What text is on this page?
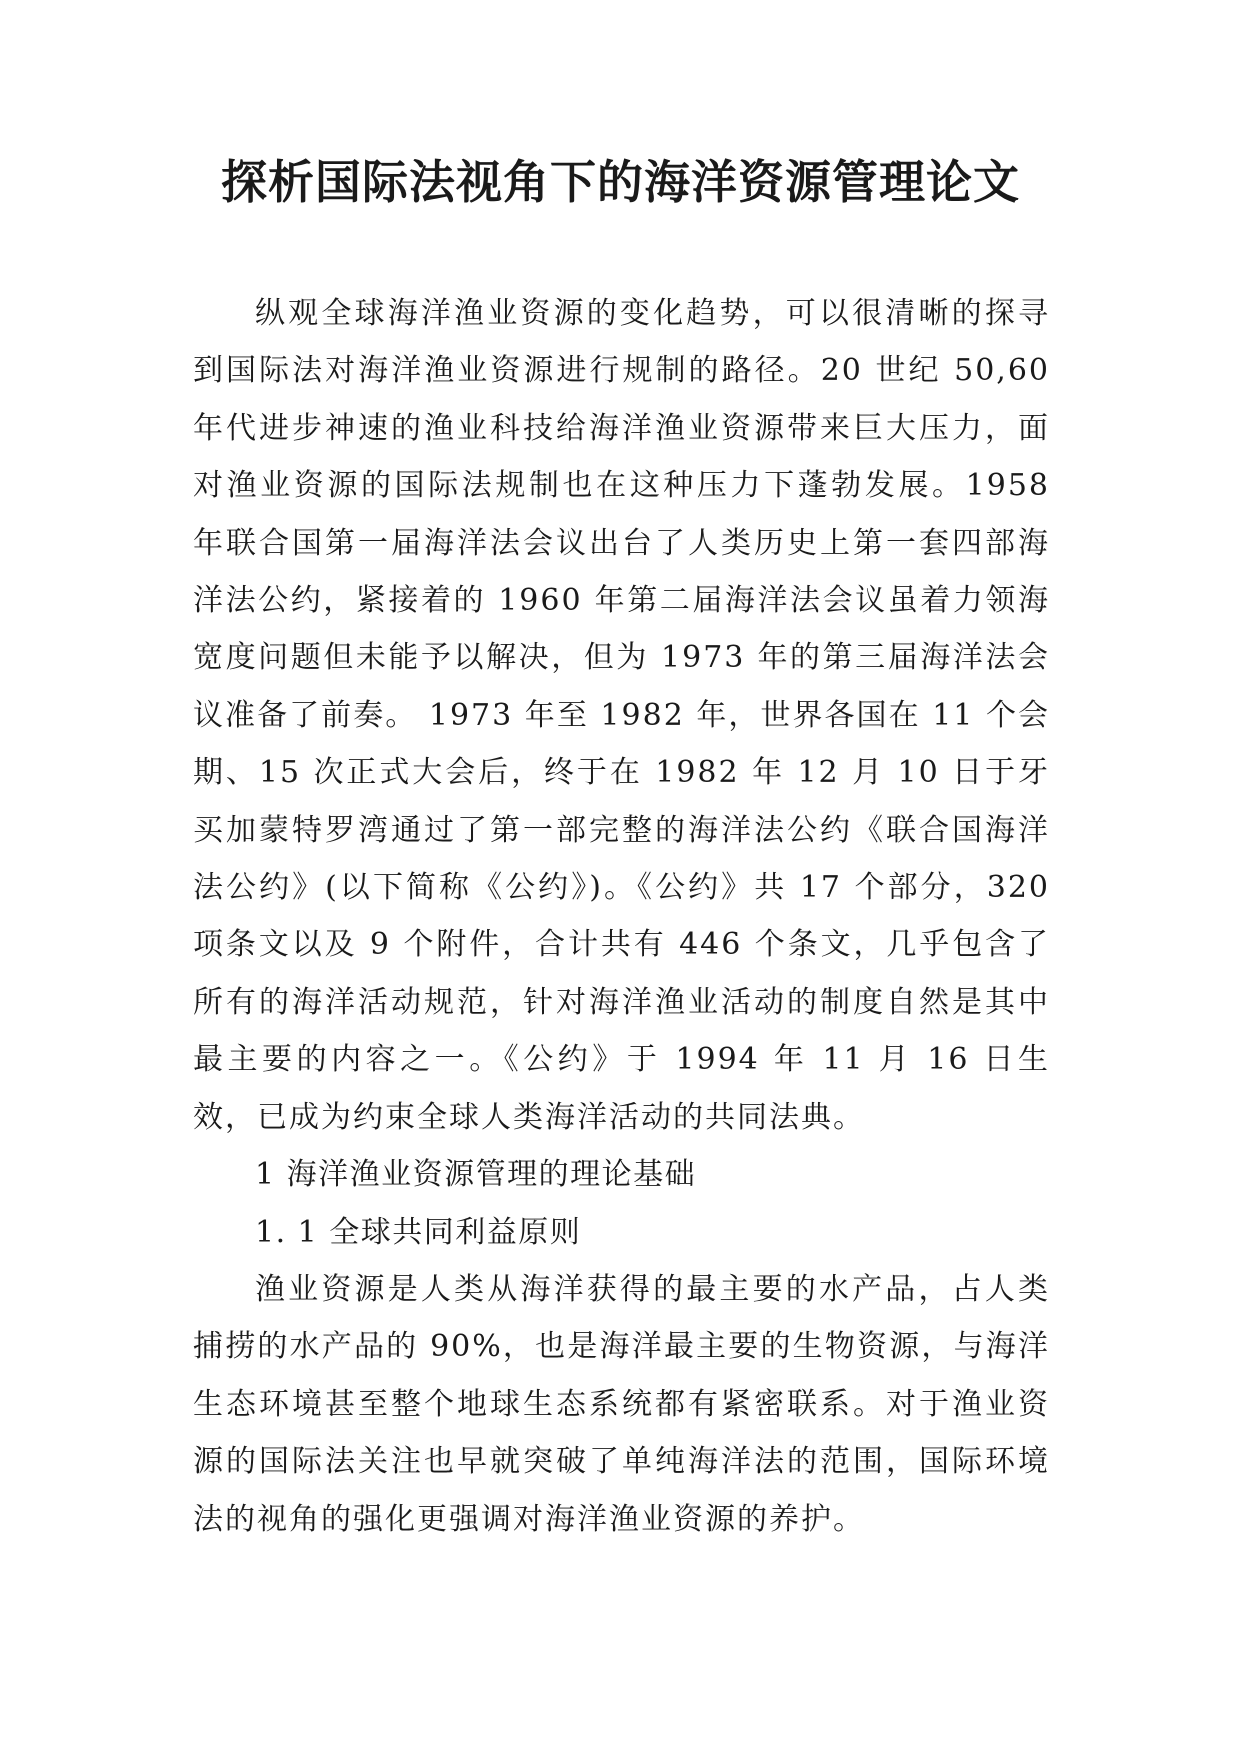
探析国际法视角下的海洋资源管理论文

纵观全球海洋渔业资源的变化趋势，可以很清晰的探寻到国际法对海洋渔业资源进行规制的路径。20 世纪 50,60 年代进步神速的渔业科技给海洋渔业资源带来巨大压力，面对渔业资源的国际法规制也在这种压力下蓬勃发展。1958 年联合国第一届海洋法会议出台了人类历史上第一套四部海洋法公约，紧接着的 1960 年第二届海洋法会议虽着力领海宽度问题但未能予以解决，但为 1973 年的第三届海洋法会议准备了前奏。 1973 年至 1982 年，世界各国在 11 个会期、15 次正式大会后，终于在 1982 年 12 月 10 日于牙买加蒙特罗湾通过了第一部完整的海洋法公约《联合国海洋法公约》(以下简称《公约》)。《公约》共 17 个部分，320 项条文以及 9 个附件，合计共有 446 个条文，几乎包含了所有的海洋活动规范，针对海洋渔业活动的制度自然是其中最主要的内容之一。《公约》于 1994 年 11 月 16 日生效，已成为约束全球人类海洋活动的共同法典。

1 海洋渔业资源管理的理论基础

1. 1 全球共同利益原则

渔业资源是人类从海洋获得的最主要的水产品，占人类捕捞的水产品的 90%，也是海洋最主要的生物资源，与海洋生态环境甚至整个地球生态系统都有紧密联系。对于渔业资源的国际法关注也早就突破了单纯海洋法的范围，国际环境法的视角的强化更强调对海洋渔业资源的养护。
